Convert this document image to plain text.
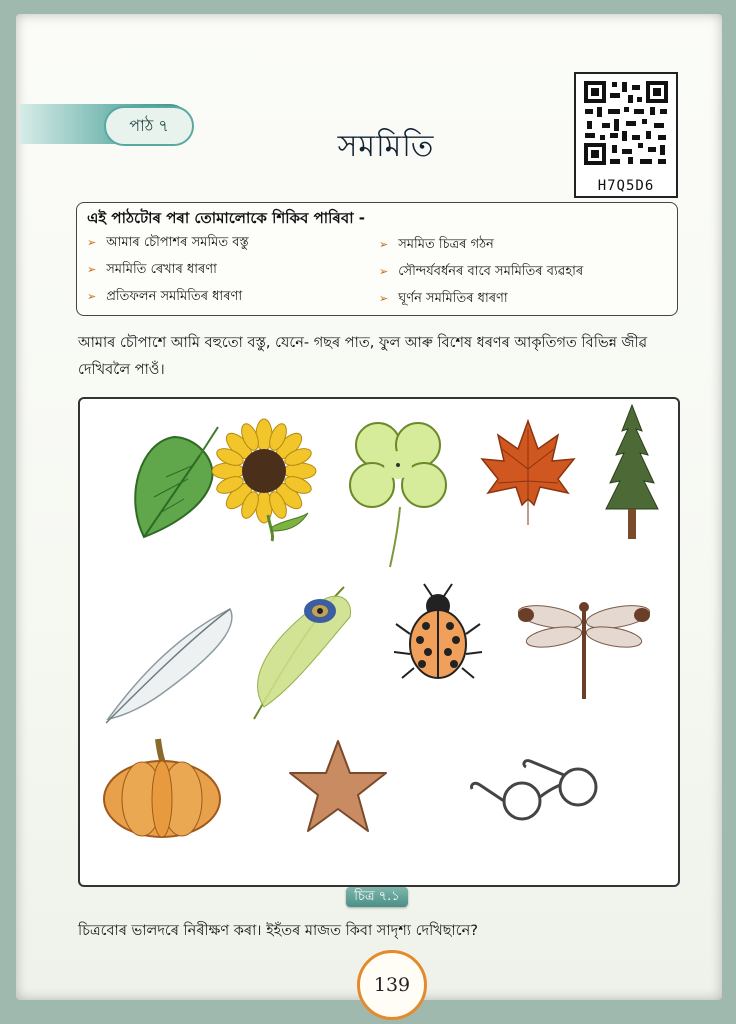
পাঠ ৭
সমমিতি
H7Q5D6
এই পাঠটোৰ পৰা তোমালোকে শিকিব পাৰিবা -
➢ আমাৰ চৌপাশৰ সমমিত বস্তু
➢ সমমিতি ৰেখাৰ ধাৰণা
➢ প্ৰতিফলন সমমিতিৰ ধাৰণা
➢ সমমিত চিত্ৰৰ গঠন
➢ সৌন্দৰ্যবৰ্ধনৰ বাবে সমমিতিৰ ব্যৱহাৰ
➢ ঘূৰ্ণন সমমিতিৰ ধাৰণা
আমাৰ চৌপাশে আমি বহুতো বস্তু, যেনে- গছৰ পাত, ফুল আৰু বিশেষ ধৰণৰ আকৃতিগত বিভিন্ন জীৱ দেখিবলৈ পাওঁ।
চিত্ৰ ৭.১
চিত্ৰবোৰ ভালদৰে নিৰীক্ষণ কৰা। ইহঁতৰ মাজত কিবা সাদৃশ্য দেখিছানে?
139
